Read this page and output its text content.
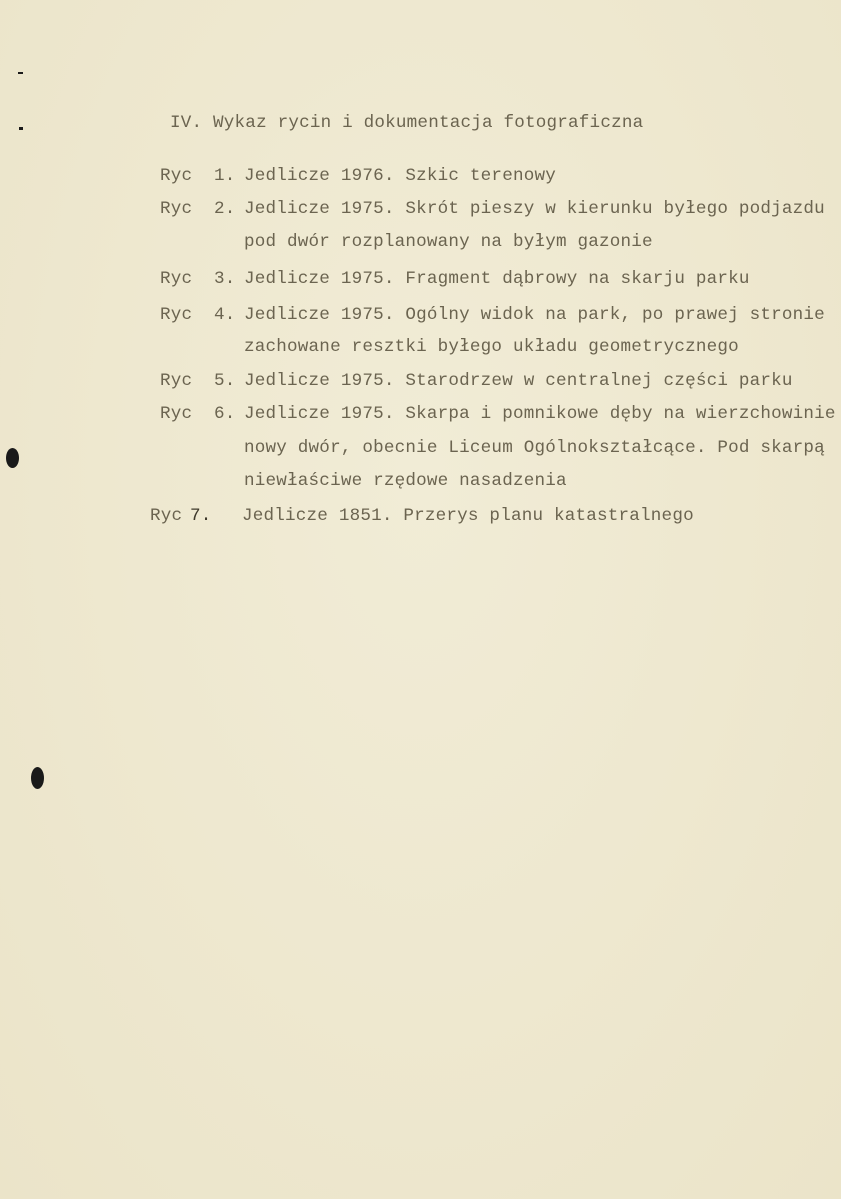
IV. Wykaz rycin i dokumentacja fotograficzna

Ryc 1. Jedlicze 1976. Szkic terenowy

Ryc 2. Jedlicze 1975. Skrót pieszy w kierunku byłego podjazdu

pod dwór rozplanowany na byłym gazonie

Ryc 3. Jedlicze 1975. Fragment dąbrowy na skarju parku

Ryc 4. Jedlicze 1975. Ogólny widok na park, po prawej stronie

zachowane resztki byłego układu geometrycznego

Ryc 5. Jedlicze 1975. Starodrzew w centralnej części parku

Ryc 6. Jedlicze 1975. Skarpa i pomnikowe dęby na wierzchowinie

nowy dwór, obecnie Liceum Ogólnokształcące. Pod skarpą

niewłaściwe rzędowe nasadzenia

Ryc 7. Jedlicze 1851. Przerys planu katastralnego
